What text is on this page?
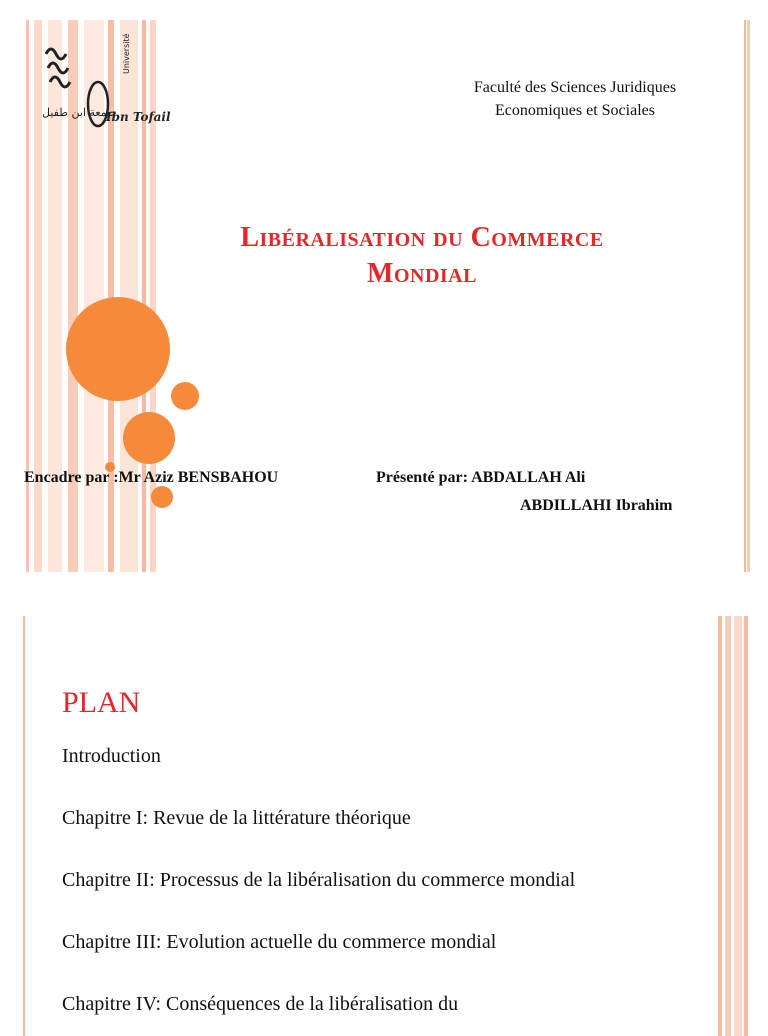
Université
Ibn Tofail
جامعة ابن طفيل
Faculté des Sciences Juridiques
Economiques et Sociales
Libéralisation du Commerce
Mondial
Encadre par :Mr Aziz BENSBAHOU	Présenté par: ABDALLAH Ali
ABDILLAHI Ibrahim
PLAN
Introduction
Chapitre I: Revue de la littérature théorique
Chapitre II: Processus de la libéralisation du commerce mondial
Chapitre III: Evolution actuelle du commerce mondial
Chapitre IV: Conséquences de la libéralisation du
